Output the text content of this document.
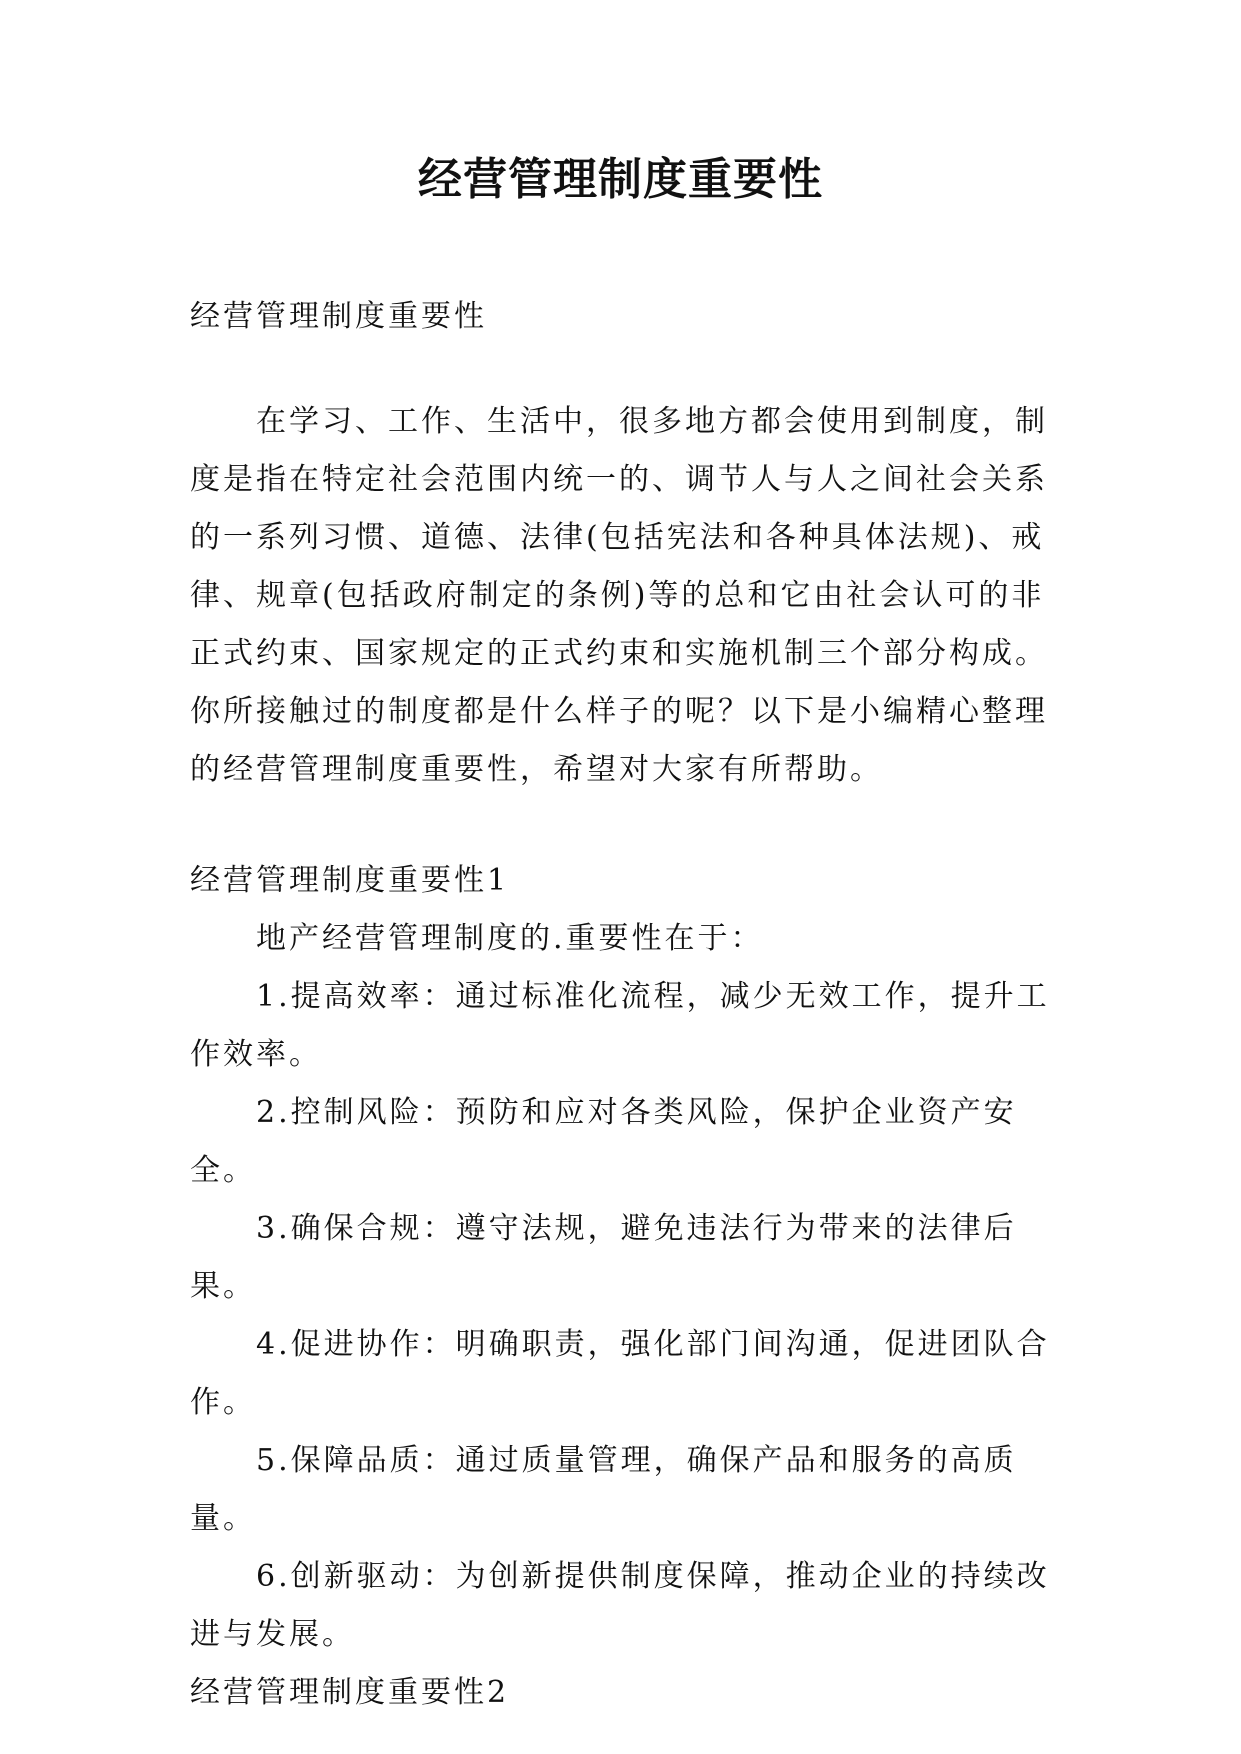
经营管理制度重要性

经营管理制度重要性

在学习、工作、生活中，很多地方都会使用到制度，制度是指在特定社会范围内统一的、调节人与人之间社会关系的一系列习惯、道德、法律(包括宪法和各种具体法规)、戒律、规章(包括政府制定的条例)等的总和它由社会认可的非正式约束、国家规定的正式约束和实施机制三个部分构成。你所接触过的制度都是什么样子的呢？以下是小编精心整理的经营管理制度重要性，希望对大家有所帮助。

经营管理制度重要性1

地产经营管理制度的.重要性在于：

1.提高效率：通过标准化流程，减少无效工作，提升工作效率。

2.控制风险：预防和应对各类风险，保护企业资产安全。

3.确保合规：遵守法规，避免违法行为带来的法律后果。

4.促进协作：明确职责，强化部门间沟通，促进团队合作。

5.保障品质：通过质量管理，确保产品和服务的高质量。

6.创新驱动：为创新提供制度保障，推动企业的持续改进与发展。

经营管理制度重要性2
